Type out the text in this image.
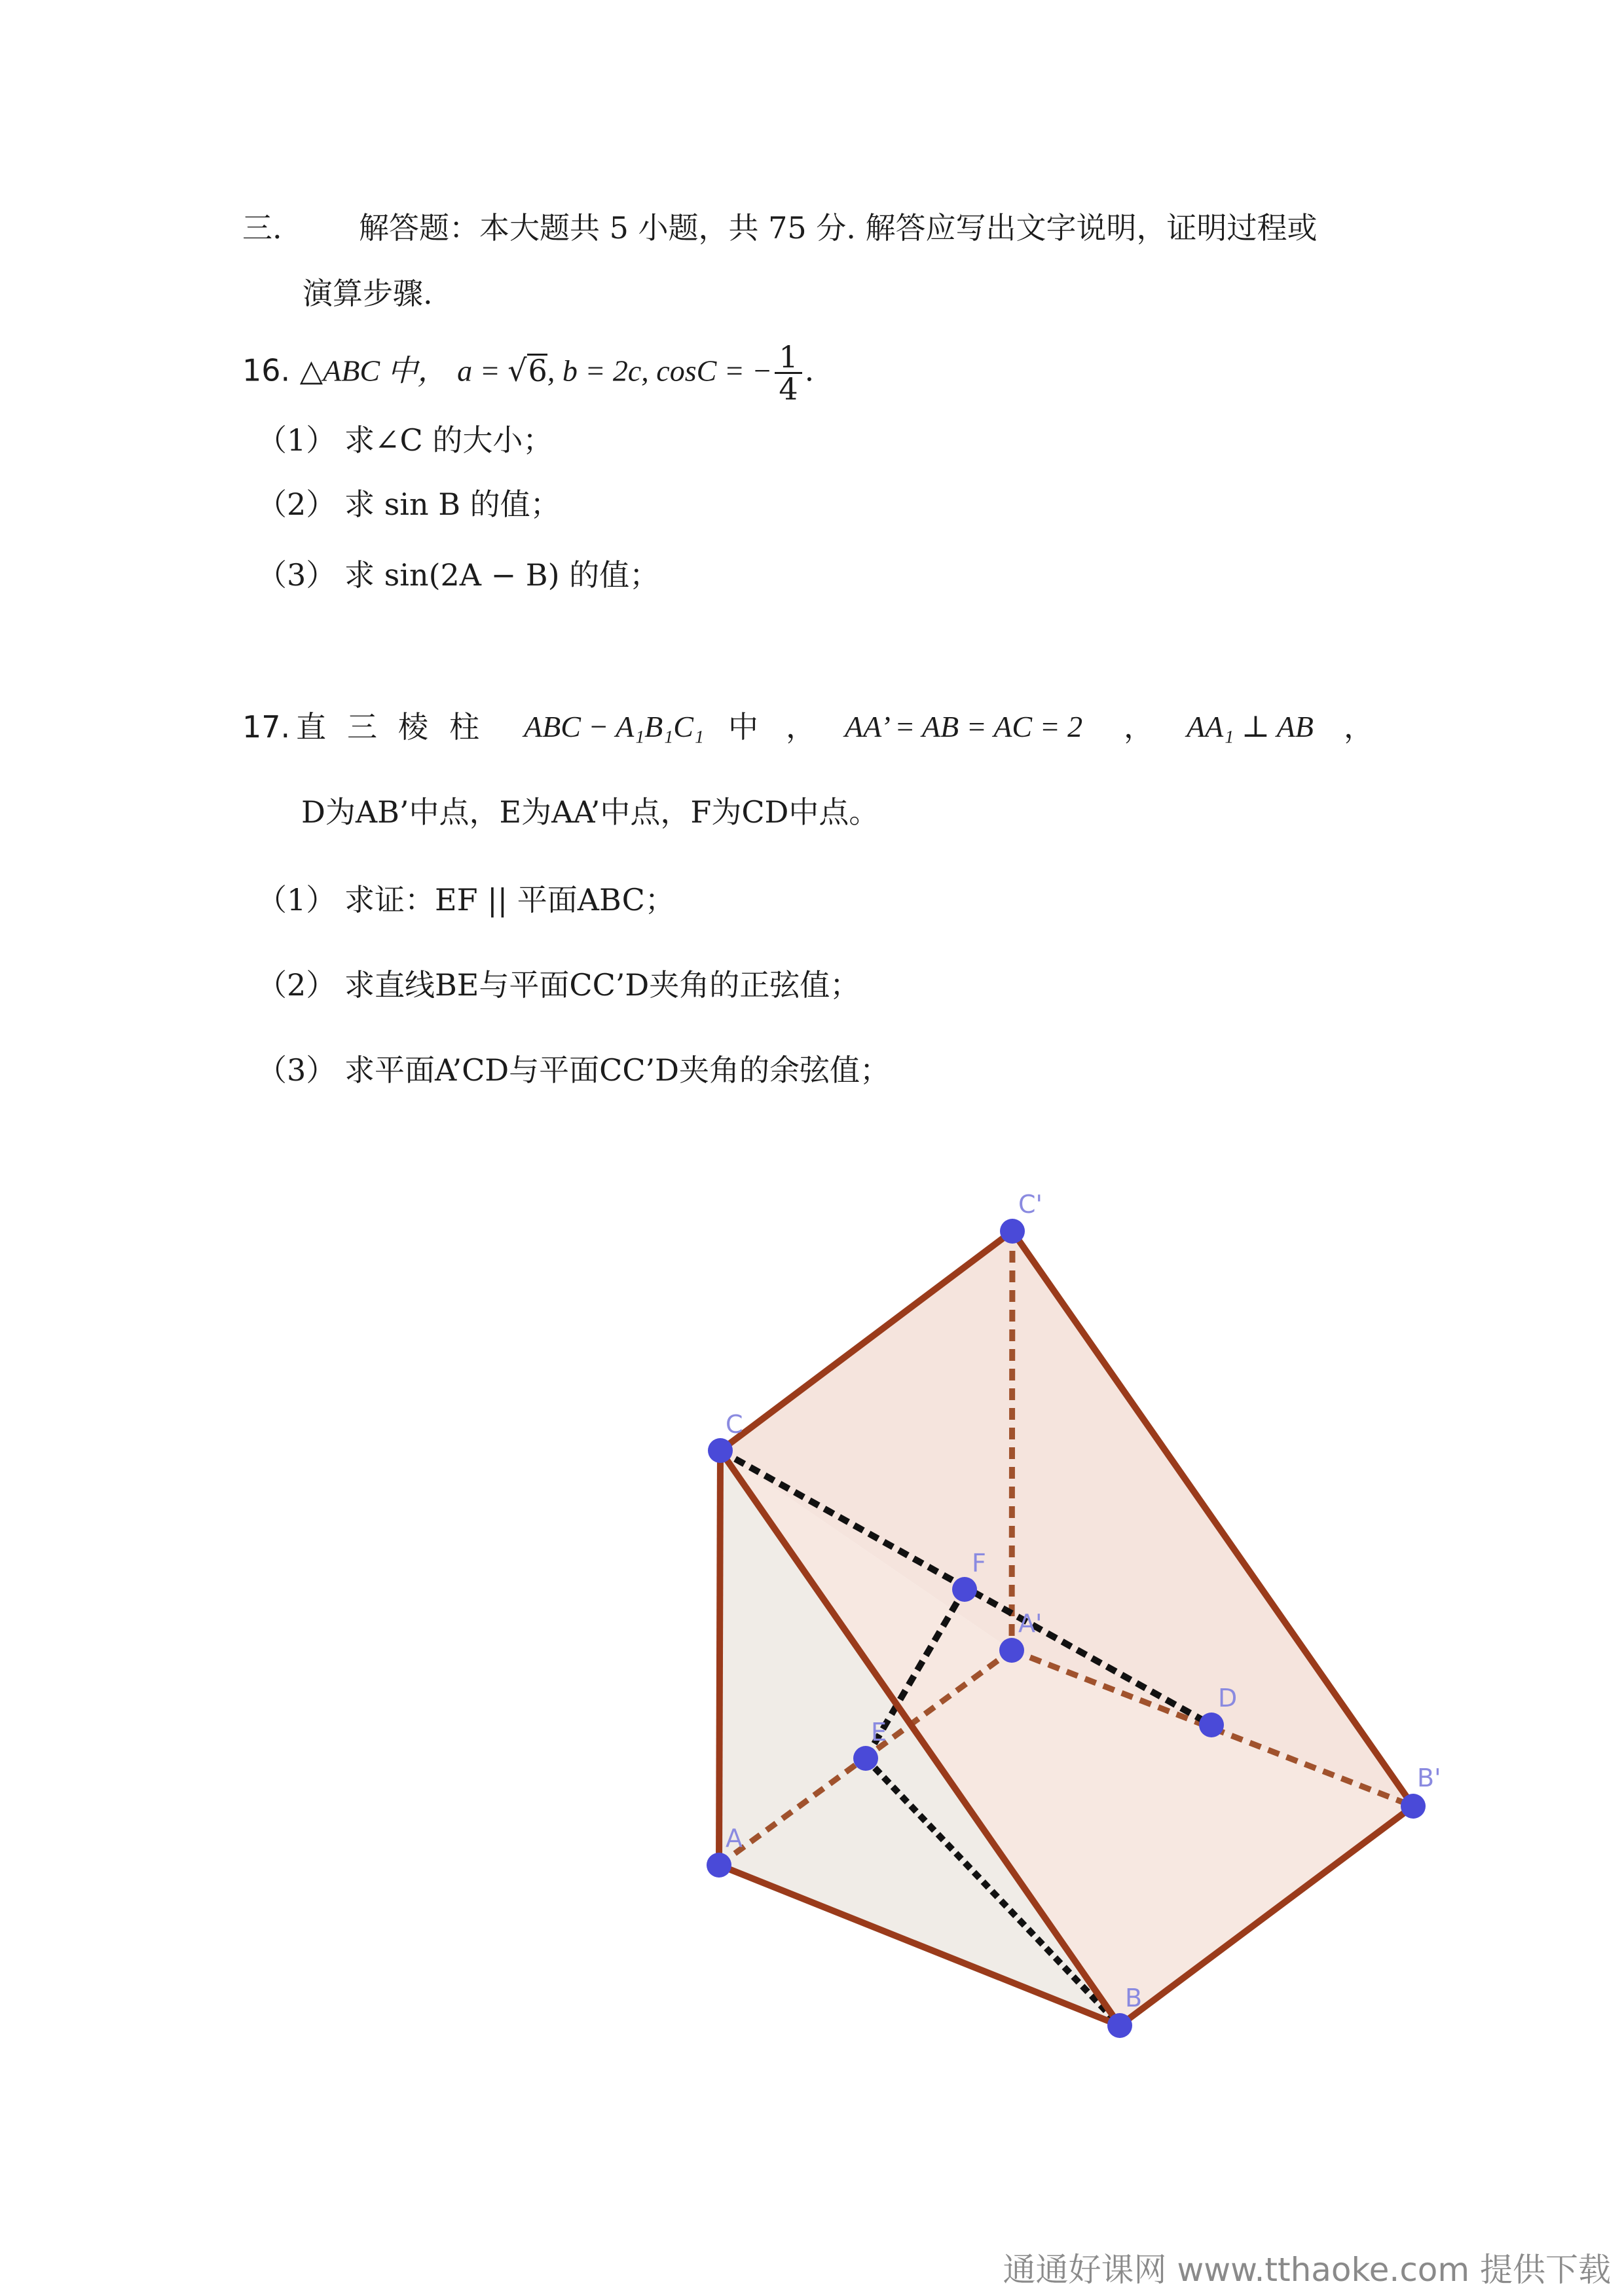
三.	解答题：本大题共 5 小题，共 75 分. 解答应写出文字说明，证明过程或
演算步骤.
16. △ABC 中， a = √6, b = 2c, cosC = − $\frac{1}{4}$ .
（1） 求∠C 的大小；
（2） 求 sin B 的值；
（3） 求 sin(2A − B) 的值；
17. 直 三 棱 柱 ABC − A₁B₁C₁ 中 ， AA’ = AB = AC = 2 ， AA₁ ⊥ AB ，
D为AB’中点，E为AA’中点，F为CD中点。
（1） 求证：EF || 平面ABC；
（2） 求直线BE与平面CC’D夹角的正弦值；
（3） 求平面A’CD与平面CC’D夹角的余弦值；
C'
C
F
A'
D
E
B'
A
B
通通好课网 www.tthaoke.com 提供下载
